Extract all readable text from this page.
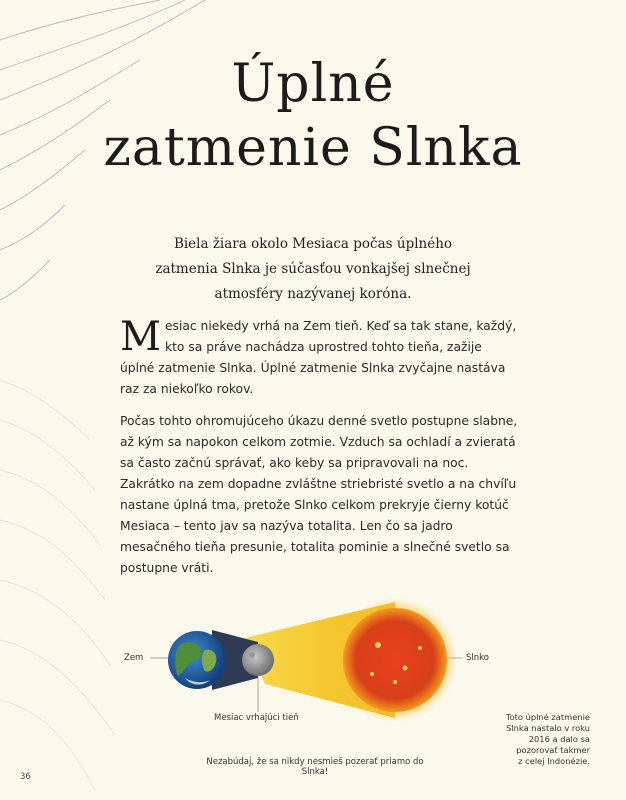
Úplné
zatmenie Slnka

Biela žiara okolo Mesiaca počas úplného
zatmenia Slnka je súčasťou vonkajšej slnečnej
atmosféry nazývanej koróna.

Mesiac niekedy vrhá na Zem tieň. Keď sa tak stane, každý, kto sa práve nachádza uprostred tohto tieňa, zažije úplné zatmenie Slnka. Úplné zatmenie Slnka zvyčajne nastáva raz za niekoľko rokov.

Počas tohto ohromujúceho úkazu denné svetlo postupne slabne, až kým sa napokon celkom zotmie. Vzduch sa ochladí a zvieratá sa často začnú správať, ako keby sa pripravovali na noc. Zakrátko na zem dopadne zvláštne striebristé svetlo a na chvíľu nastane úplná tma, pretože Slnko celkom prekryje čierny kotúč Mesiaca – tento jav sa nazýva totalita. Len čo sa jadro mesačného tieňa presunie, totalita pominie a slnečné svetlo sa postupne vráti.

Zem	Slnko
Mesiac vrhajúci tieň	Toto úplné zatmenie
Slnka nastalo v roku
2016 a dalo sa
pozorovať takmer
z celej Indonézie.
Nezabúdaj, že sa nikdy nesmieš pozerať priamo do Slnka!
36
